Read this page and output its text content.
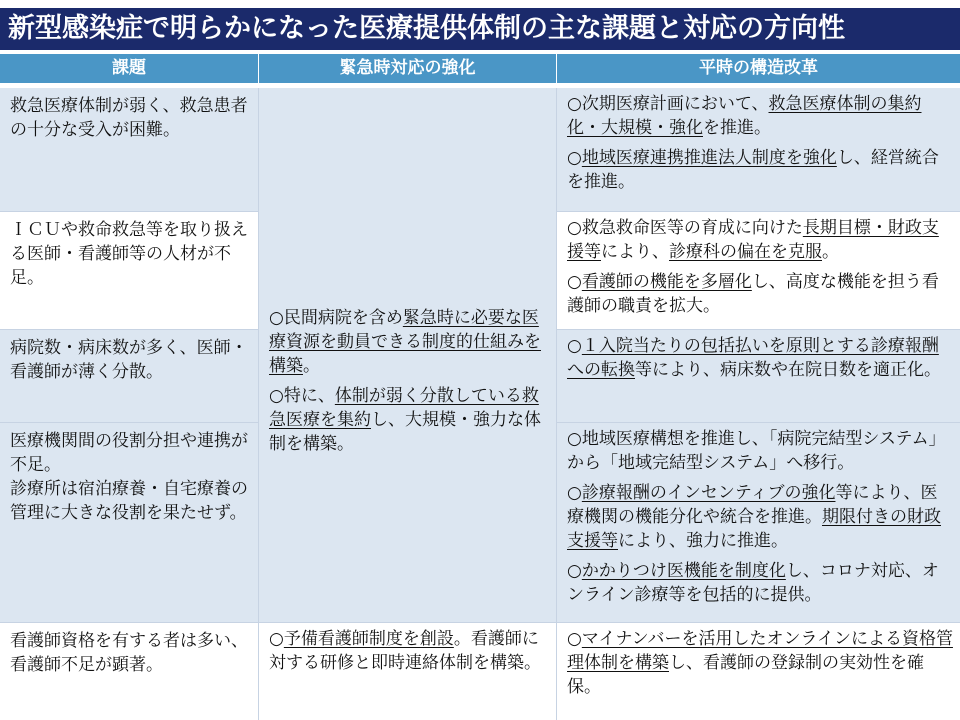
新型感染症で明らかになった医療提供体制の主な課題と対応の方向性
課題	緊急時対応の強化	平時の構造改革
救急医療体制が弱く、救急患者の十分な受入が困難。
○次期医療計画において、救急医療体制の集約化・大規模・強化を推進。
○地域医療連携推進法人制度を強化し、経営統合を推進。
ＩＣＵや救命救急等を取り扱える医師・看護師等の人材が不足。
○救急救命医等の育成に向けた長期目標・財政支援等により、診療科の偏在を克服。
○看護師の機能を多層化し、高度な機能を担う看護師の職責を拡大。
病院数・病床数が多く、医師・看護師が薄く分散。
○１入院当たりの包括払いを原則とする診療報酬への転換等により、病床数や在院日数を適正化。
医療機関間の役割分担や連携が不足。
診療所は宿泊療養・自宅療養の管理に大きな役割を果たせず。
○地域医療構想を推進し、「病院完結型システム」から「地域完結型システム」へ移行。
○診療報酬のインセンティブの強化等により、医療機関の機能分化や統合を推進。期限付きの財政支援等により、強力に推進。
○かかりつけ医機能を制度化し、コロナ対応、オンライン診療等を包括的に提供。
○民間病院を含め緊急時に必要な医療資源を動員できる制度的仕組みを構築。
○特に、体制が弱く分散している救急医療を集約し、大規模・強力な体制を構築。
看護師資格を有する者は多い、看護師不足が顕著。
○予備看護師制度を創設。看護師に対する研修と即時連絡体制を構築。
○マイナンバーを活用したオンラインによる資格管理体制を構築し、看護師の登録制の実効性を確保。
